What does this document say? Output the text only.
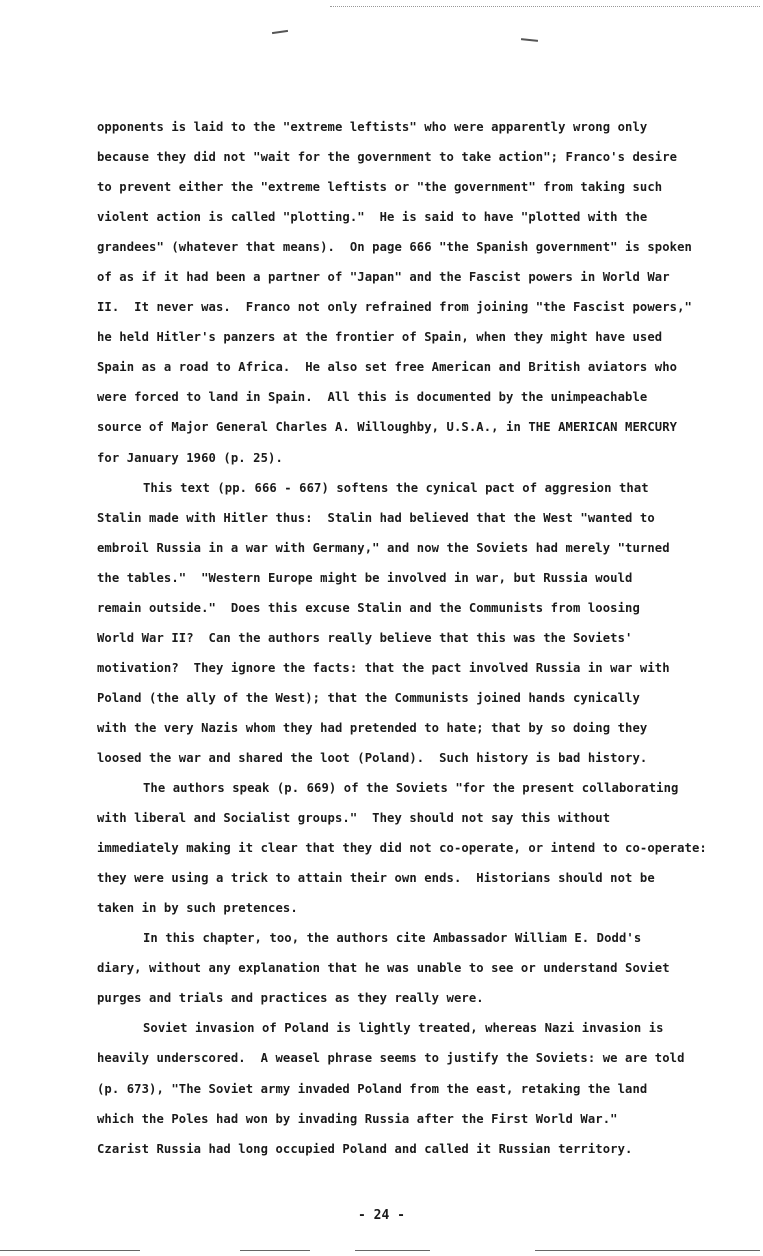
opponents is laid to the "extreme leftists" who were apparently wrong only
because they did not "wait for the government to take action"; Franco's desire
to prevent either the "extreme leftists or "the government" from taking such
violent action is called "plotting."  He is said to have "plotted with the
grandees" (whatever that means).  On page 666 "the Spanish government" is spoken
of as if it had been a partner of "Japan" and the Fascist powers in World War
II.  It never was.  Franco not only refrained from joining "the Fascist powers,"
he held Hitler's panzers at the frontier of Spain, when they might have used
Spain as a road to Africa.  He also set free American and British aviators who
were forced to land in Spain.  All this is documented by the unimpeachable
source of Major General Charles A. Willoughby, U.S.A., in THE AMERICAN MERCURY
for January 1960 (p. 25).
This text (pp. 666 - 667) softens the cynical pact of aggresion that
Stalin made with Hitler thus:  Stalin had believed that the West "wanted to
embroil Russia in a war with Germany," and now the Soviets had merely "turned
the tables."  "Western Europe might be involved in war, but Russia would
remain outside."  Does this excuse Stalin and the Communists from loosing
World War II?  Can the authors really believe that this was the Soviets'
motivation?  They ignore the facts: that the pact involved Russia in war with
Poland (the ally of the West); that the Communists joined hands cynically
with the very Nazis whom they had pretended to hate; that by so doing they
loosed the war and shared the loot (Poland).  Such history is bad history.
The authors speak (p. 669) of the Soviets "for the present collaborating
with liberal and Socialist groups."  They should not say this without
immediately making it clear that they did not co-operate, or intend to co-operate:
they were using a trick to attain their own ends.  Historians should not be
taken in by such pretences.
In this chapter, too, the authors cite Ambassador William E. Dodd's
diary, without any explanation that he was unable to see or understand Soviet
purges and trials and practices as they really were.
Soviet invasion of Poland is lightly treated, whereas Nazi invasion is
heavily underscored.  A weasel phrase seems to justify the Soviets: we are told
(p. 673), "The Soviet army invaded Poland from the east, retaking the land
which the Poles had won by invading Russia after the First World War."
Czarist Russia had long occupied Poland and called it Russian territory.
- 24 -
